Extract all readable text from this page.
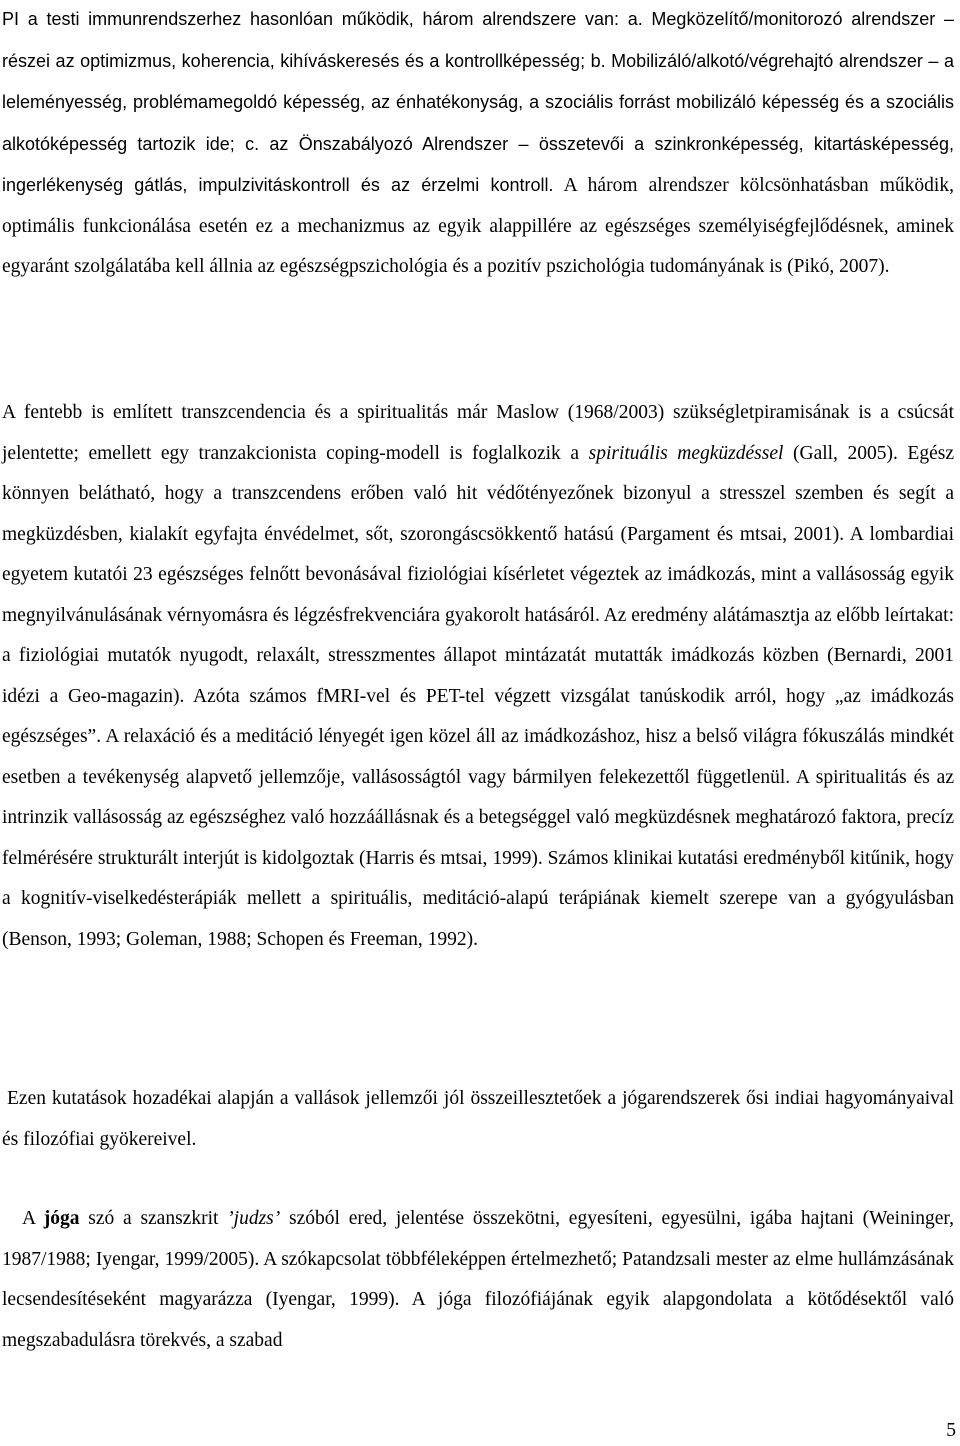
PI a testi immunrendszerhez hasonlóan működik, három alrendszere van: a. Megközelítő/monitorozó alrendszer – részei az optimizmus, koherencia, kihíváskeresés és a kontrollképesség; b. Mobilizáló/alkotó/végrehajtó alrendszer – a leleményesség, problémamegoldó képesség, az énhatékonyság, a szociális forrást mobilizáló képesség és a szociális alkotóképesség tartozik ide; c. az Önszabályozó Alrendszer – összetevői a szinkronképesség, kitartásképesség, ingerlékenység gátlás, impulzivitáskontroll és az érzelmi kontroll. A három alrendszer kölcsönhatásban működik, optimális funkcionálása esetén ez a mechanizmus az egyik alappillére az egészséges személyiségfejlődésnek, aminek egyaránt szolgálatába kell állnia az egészségpszichológia és a pozitív pszichológia tudományának is (Pikó, 2007).

A fentebb is említett transzcendencia és a spiritualitás már Maslow (1968/2003) szükségletpiramisának is a csúcsát jelentette; emellett egy tranzakcionista coping-modell is foglalkozik a spirituális megküzdéssel (Gall, 2005). Egész könnyen belátható, hogy a transzcendens erőben való hit védőtényezőnek bizonyul a stresszel szemben és segít a megküzdésben, kialakít egyfajta énvédelmet, sőt, szorongáscsökkentő hatású (Pargament és mtsai, 2001). A lombardiai egyetem kutatói 23 egészséges felnőtt bevonásával fiziológiai kísérletet végeztek az imádkozás, mint a vallásosság egyik megnyilvánulásának vérnyomásra és légzésfrekvenciára gyakorolt hatásáról. Az eredmény alátámasztja az előbb leírtakat: a fiziológiai mutatók nyugodt, relaxált, stresszmentes állapot mintázatát mutatták imádkozás közben (Bernardi, 2001 idézi a Geo-magazin). Azóta számos fMRI-vel és PET-tel végzett vizsgálat tanúskodik arról, hogy „az imádkozás egészséges”. A relaxáció és a meditáció lényegét igen közel áll az imádkozáshoz, hisz a belső világra fókuszálás mindkét esetben a tevékenység alapvető jellemzője, vallásosságtól vagy bármilyen felekezettől függetlenül. A spiritualitás és az intrinzik vallásosság az egészséghez való hozzáállásnak és a betegséggel való megküzdésnek meghatározó faktora, precíz felmérésére strukturált interjút is kidolgoztak (Harris és mtsai, 1999). Számos klinikai kutatási eredményből kitűnik, hogy a kognitív-viselkedésterápiák mellett a spirituális, meditáció-alapú terápiának kiemelt szerepe van a gyógyulásban (Benson, 1993; Goleman, 1988; Schopen és Freeman, 1992).

Ezen kutatások hozadékai alapján a vallások jellemzői jól összeillesztetőek a jógarendszerek ősi indiai hagyományaival és filozófiai gyökereivel.

A jóga szó a szanszkrit ’judzs’ szóból ered, jelentése összekötni, egyesíteni, egyesülni, igába hajtani (Weininger, 1987/1988; Iyengar, 1999/2005). A szókapcsolat többféleképpen értelmezhető; Patandzsali mester az elme hullámzásának lecsendesítéseként magyarázza (Iyengar, 1999). A jóga filozófiájának egyik alapgondolata a kötődésektől való megszabadulásra törekvés, a szabad

5
